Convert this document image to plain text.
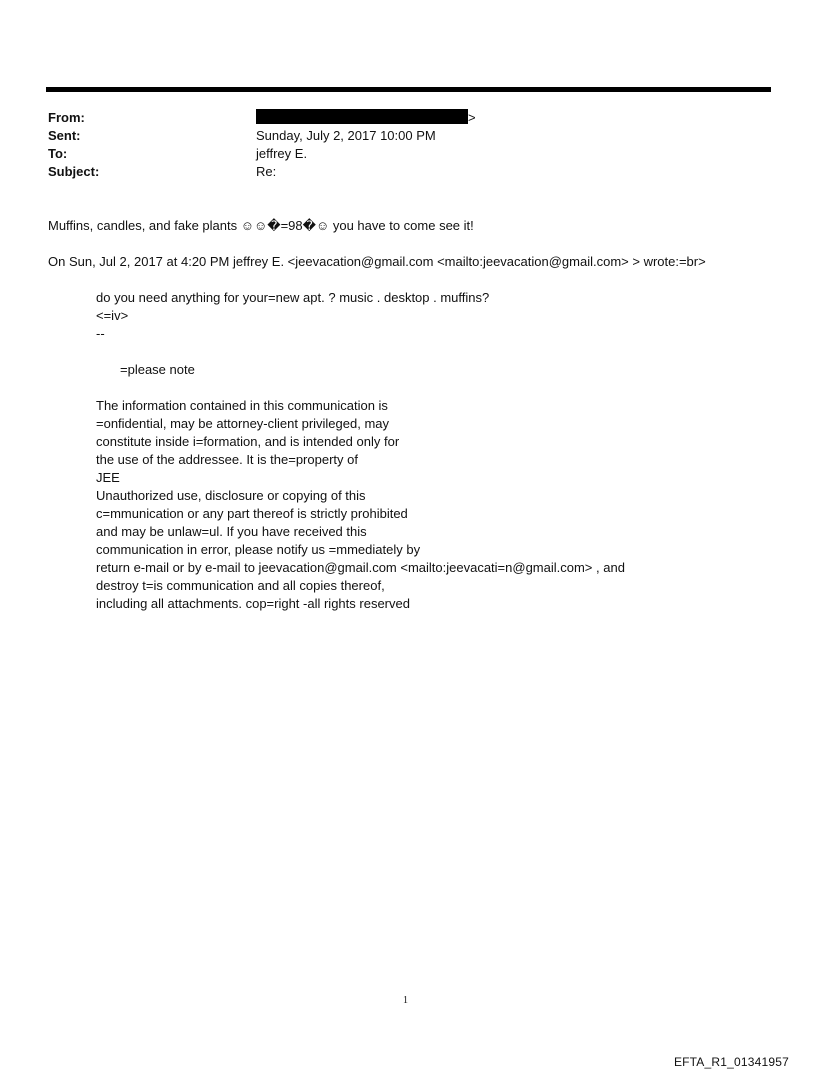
From:	>
Sent:	Sunday, July 2, 2017 10:00 PM
To:	jeffrey E.
Subject:	Re:
Muffins, candles, and fake plants ☺☺�=98�☺ you have to come see it!
On Sun, Jul 2, 2017 at 4:20 PM jeffrey E. <jeevacation@gmail.com <mailto:jeevacation@gmail.com> > wrote:=br>
do you need anything for your=new apt. ? music . desktop . muffins?
<=iv>
--
=please note
The information contained in this communication is
=onfidential, may be attorney-client privileged, may
constitute inside i=formation, and is intended only for
the use of the addressee. It is the=property of
JEE
Unauthorized use, disclosure or copying of this
c=mmunication or any part thereof is strictly prohibited
and may be unlaw=ul. If you have received this
communication in error, please notify us =mmediately by
return e-mail or by e-mail to jeevacation@gmail.com <mailto:jeevacati=n@gmail.com> , and
destroy t=is communication and all copies thereof,
including all attachments. cop=right -all rights reserved
1
EFTA_R1_01341957
